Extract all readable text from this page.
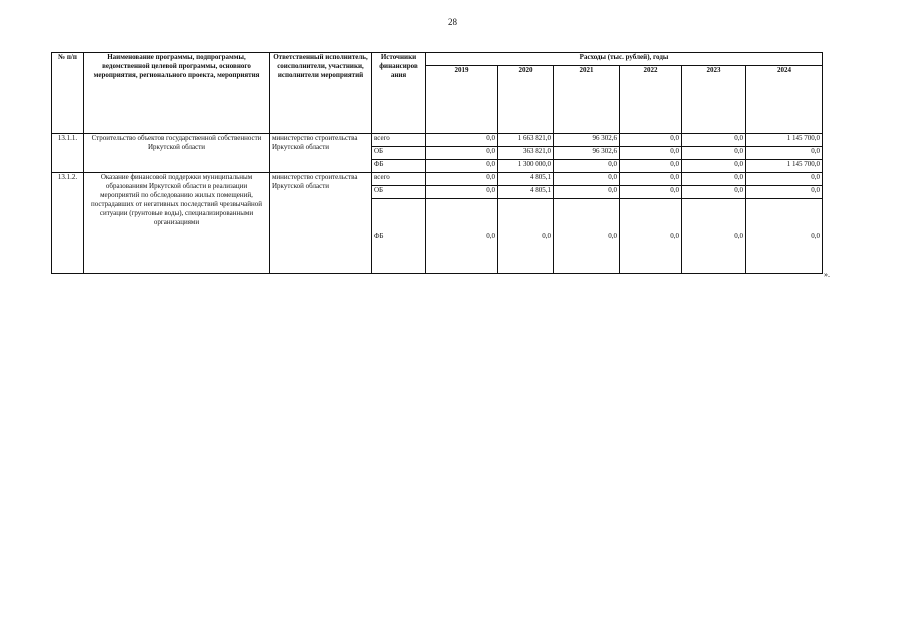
28
№ п/п	Наименование программы, подпрограммы, ведомственной целевой программы, основного мероприятия, регионального проекта, мероприятия	Ответственный исполнитель, соисполнители, участники, исполнители мероприятий	Источники финансиров ания	Расходы (тыс. рублей), годы					
				2019	2020	2021	2022	2023	2024
13.1.1.	Строительство объектов государственной собственности Иркутской области	министерство строительства Иркутской области	всего	0,0	1 663 821,0	96 302,6	0,0	0,0	1 145 700,0
			ОБ	0,0	363 821,0	96 302,6	0,0	0,0	0,0
			ФБ	0,0	1 300 000,0	0,0	0,0	0,0	1 145 700,0
13.1.2.	Оказание финансовой поддержки муниципальным образованиям Иркутской области в реализации мероприятий по обследованию жилых помещений, пострадавших от негативных последствий чрезвычайной ситуации (грунтовые воды), специализированными организациями	министерство строительства Иркутской области	всего	0,0	4 805,1	0,0	0,0	0,0	0,0
			ОБ	0,0	4 805,1	0,0	0,0	0,0	0,0
			ФБ	0,0	0,0	0,0	0,0	0,0	0,0
».
